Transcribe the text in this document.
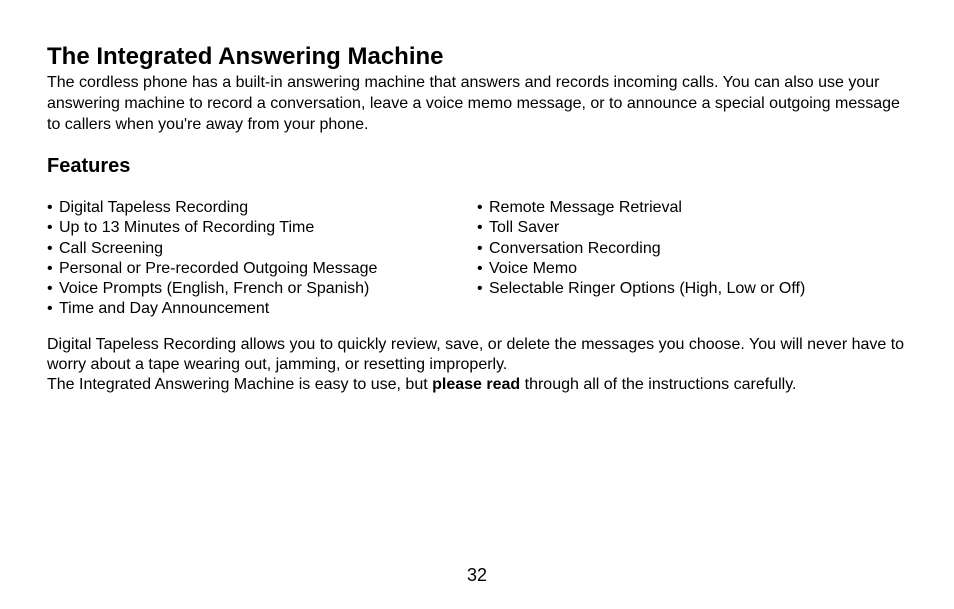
The Integrated Answering Machine

The cordless phone has a built-in answering machine that answers and records incoming calls. You can also use your answering machine to record a conversation, leave a voice memo message, or to announce a special outgoing message to callers when you're away from your phone.

Features
• Digital Tapeless Recording
• Up to 13 Minutes of Recording Time
• Call Screening
• Personal or Pre-recorded Outgoing Message
• Voice Prompts (English, French or Spanish)
• Time and Day Announcement
• Remote Message Retrieval
• Toll Saver
• Conversation Recording
• Voice Memo
• Selectable Ringer Options (High, Low or Off)

Digital Tapeless Recording allows you to quickly review, save, or delete the messages you choose. You will never have to worry about a tape wearing out, jamming, or resetting improperly.
The Integrated Answering Machine is easy to use, but please read through all of the instructions carefully.

32
